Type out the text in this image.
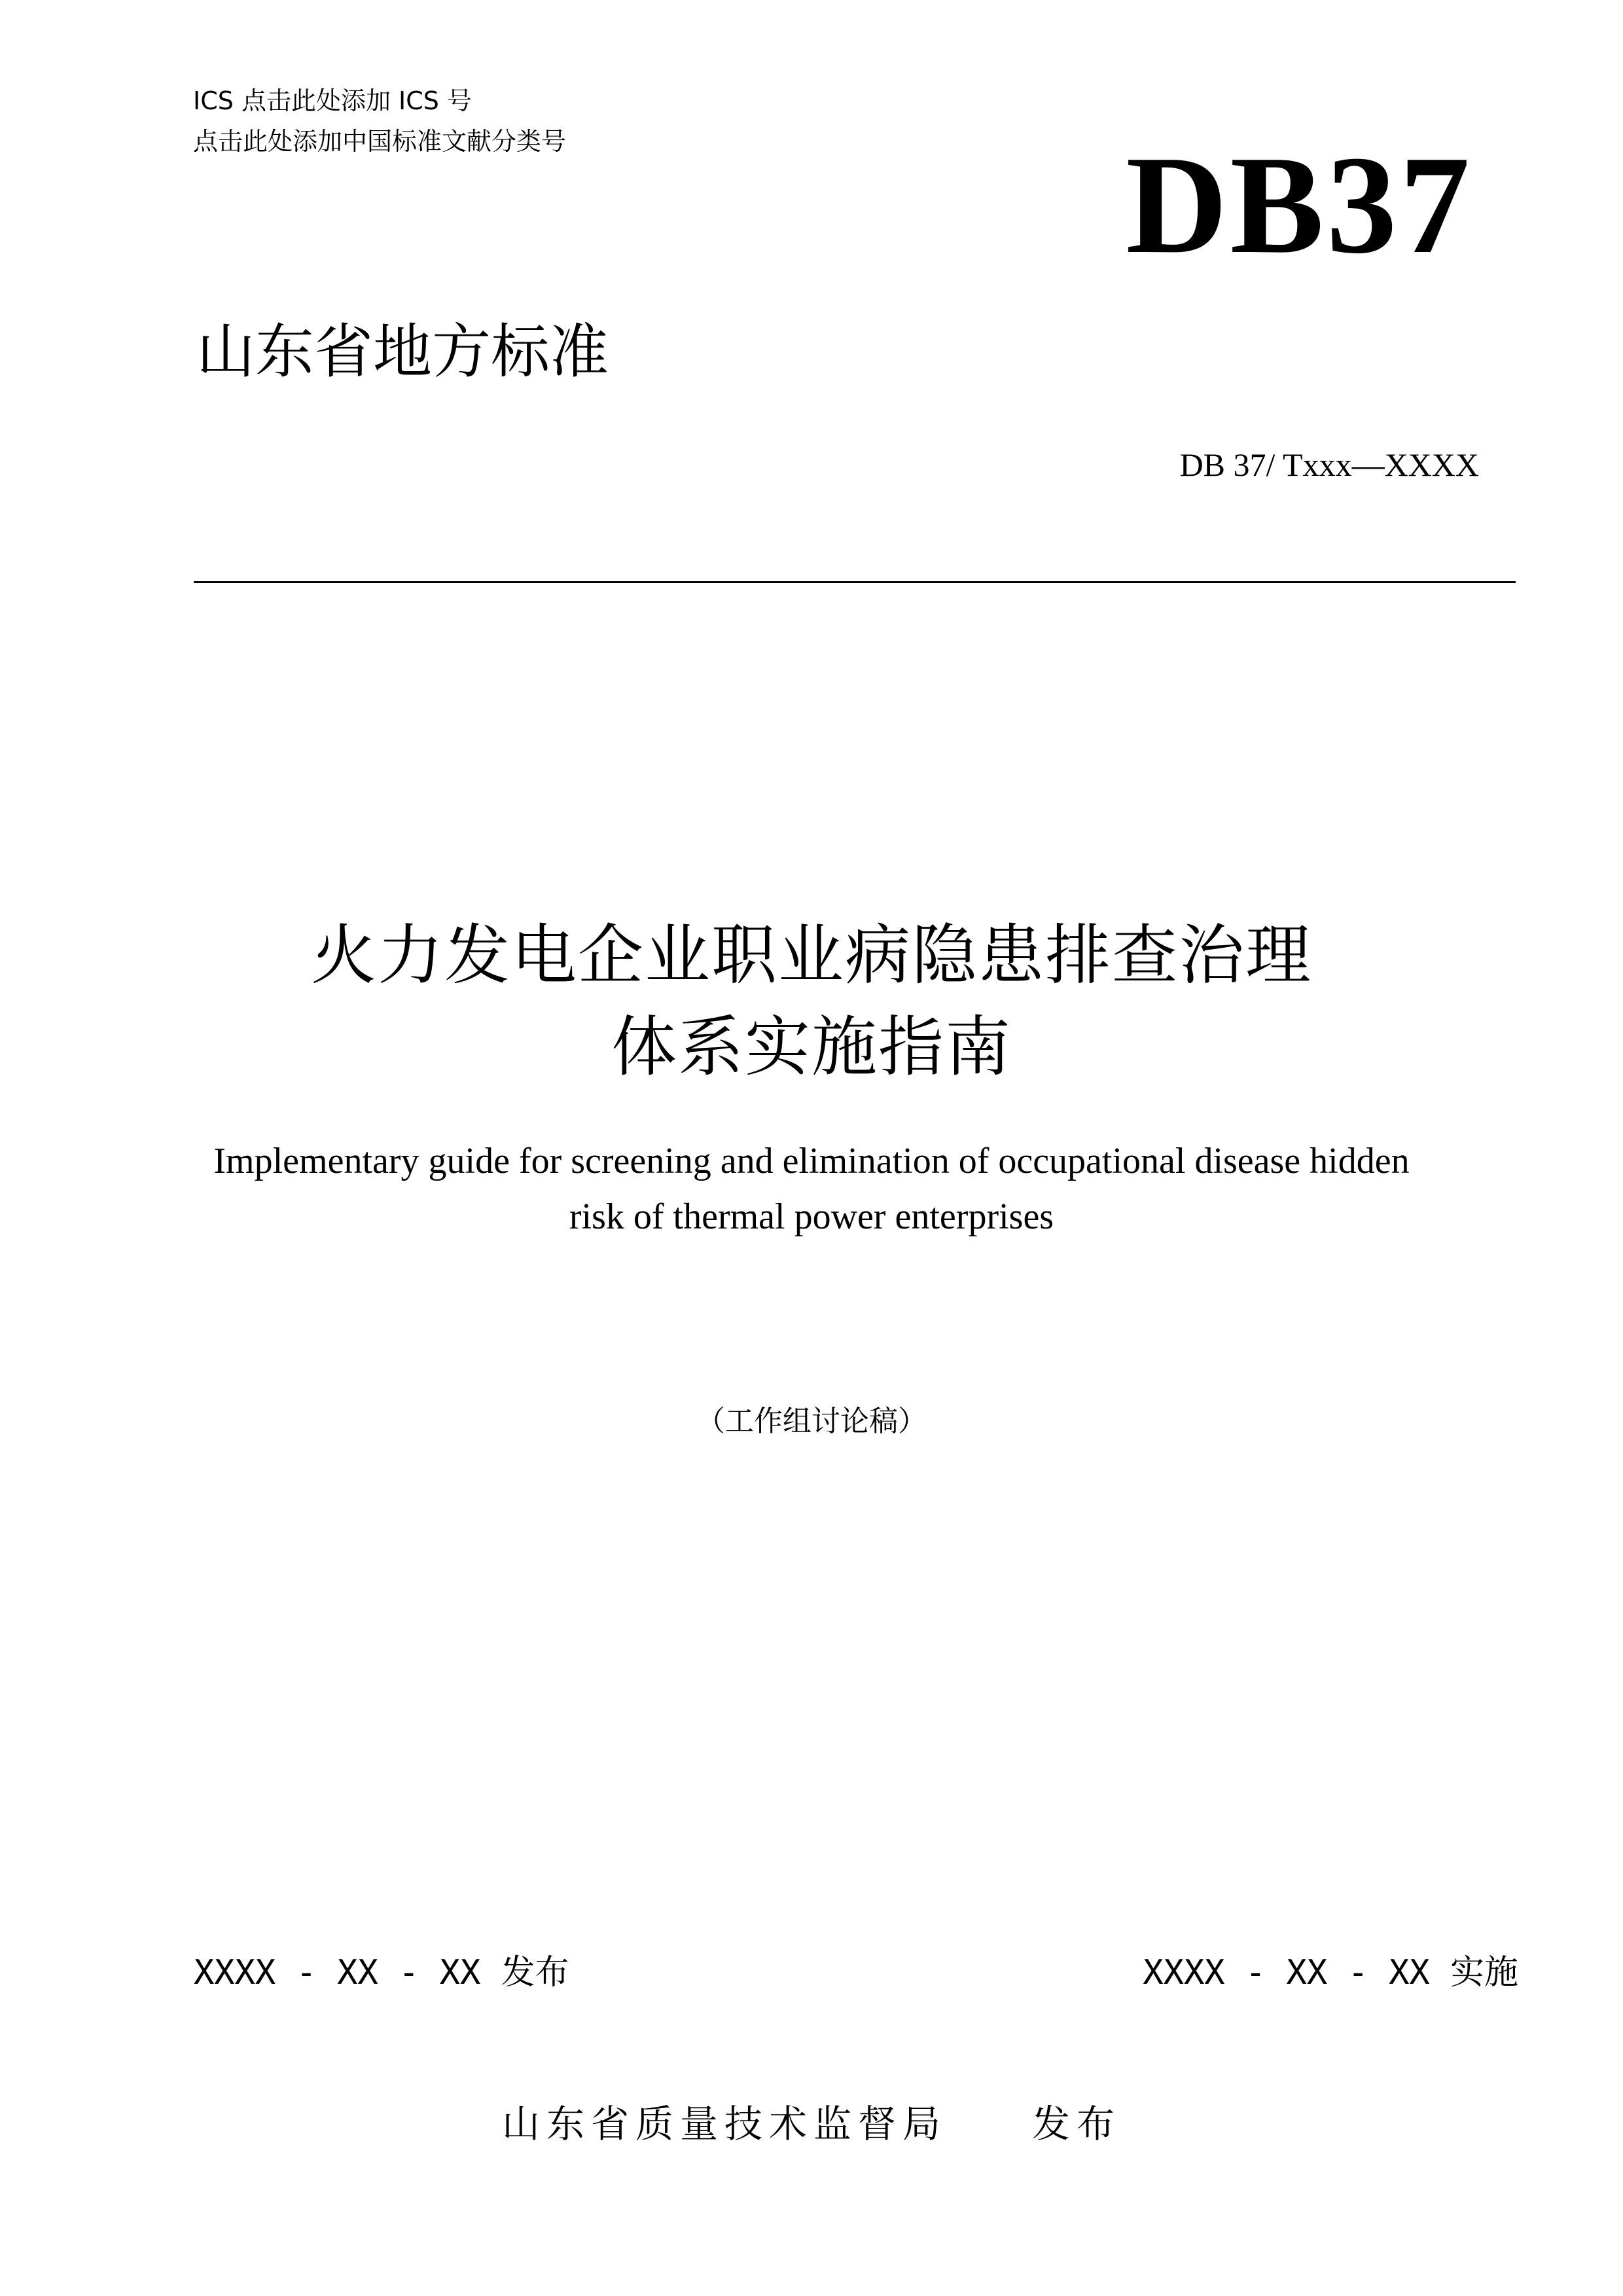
ICS 点击此处添加 ICS 号
点击此处添加中国标准文献分类号	DB37
山东省地方标准
DB 37/ Txxx—XXXX
火力发电企业职业病隐患排查治理
体系实施指南
Implementary guide for screening and elimination of occupational disease hidden
risk of thermal power enterprises
（工作组讨论稿）
XXXX - XX - XX 发布	XXXX - XX - XX 实施
山东省质量技术监督局 发布
